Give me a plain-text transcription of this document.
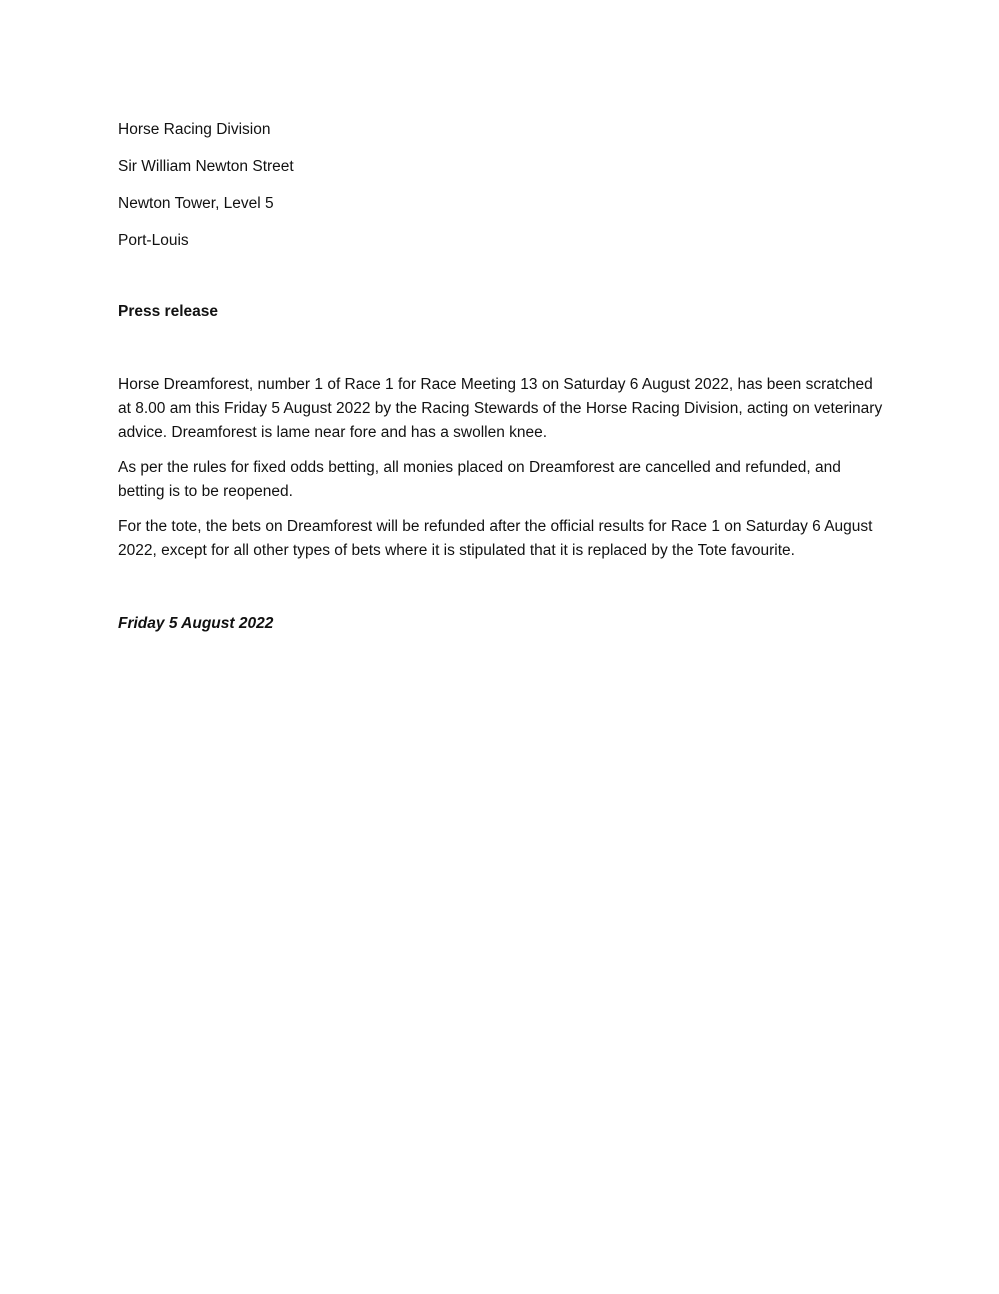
Horse Racing Division

Sir William Newton Street

Newton Tower, Level 5

Port-Louis

Press release

Horse Dreamforest, number 1 of Race 1 for Race Meeting 13 on Saturday 6 August 2022, has been scratched at 8.00 am this Friday 5 August 2022 by the Racing Stewards of the Horse Racing Division, acting on veterinary advice. Dreamforest is lame near fore and has a swollen knee.

As per the rules for fixed odds betting, all monies placed on Dreamforest are cancelled and refunded, and betting is to be reopened.

For the tote, the bets on Dreamforest will be refunded after the official results for Race 1 on Saturday 6 August 2022, except for all other types of bets where it is stipulated that it is replaced by the Tote favourite.

Friday 5 August 2022
